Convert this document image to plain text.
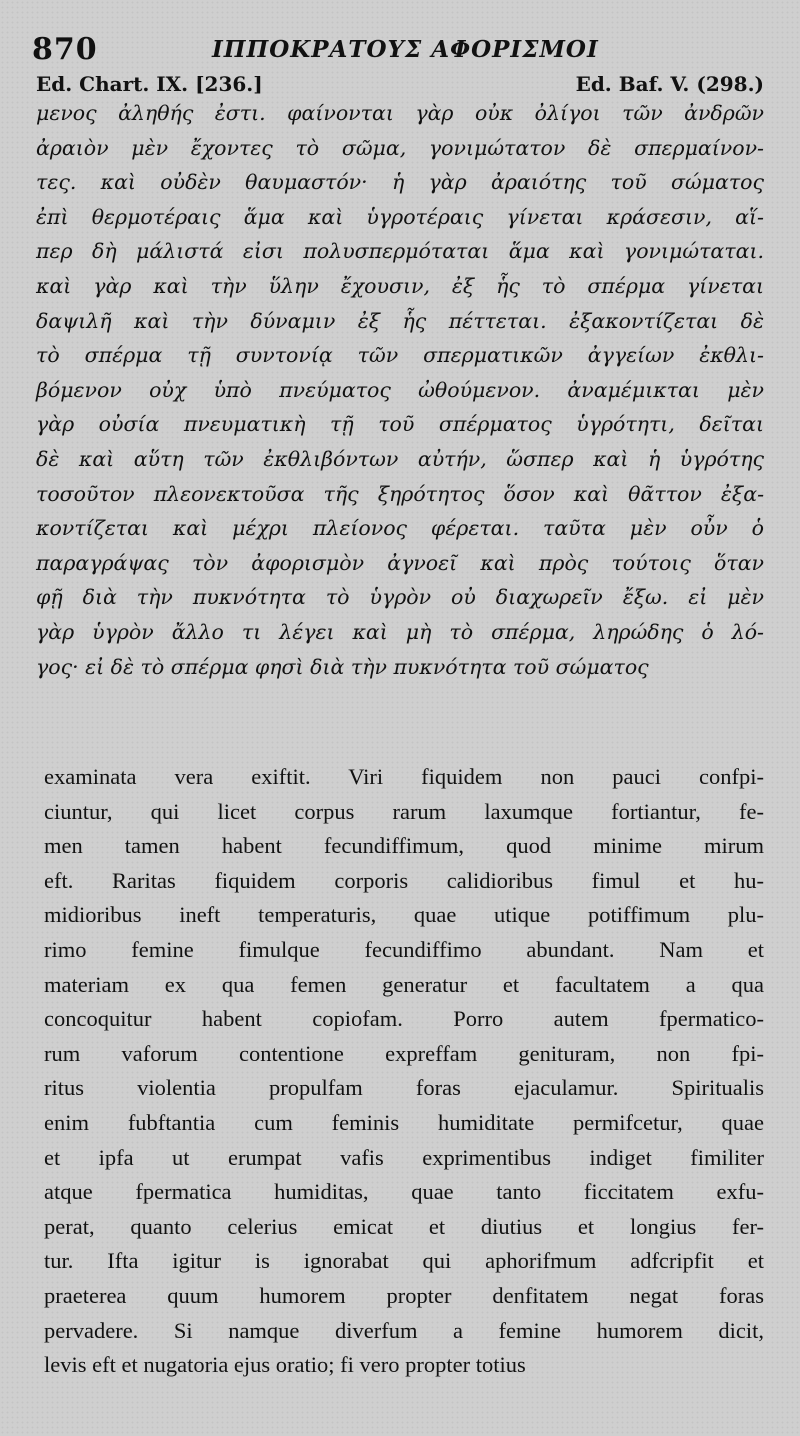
870	ΙΠΠΟΚΡΑΤΟΥΣ ΑΦΟΡΙΣΜΟΙ
Ed. Chart. IX. [236.]	Ed. Baf. V. (298.)
μενος ἀληθής ἐστι. φαίνονται γὰρ οὐκ ὀλίγοι τῶν ἀνδρῶν
ἀραιὸν μὲν ἔχοντες τὸ σῶμα, γονιμώτατον δὲ σπερμαίνον-
τες. καὶ οὐδὲν θαυμαστόν· ἡ γὰρ ἀραιότης τοῦ σώματος
ἐπὶ θερμοτέραις ἅμα καὶ ὑγροτέραις γίνεται κράσεσιν, αἵ-
περ δὴ μάλιστά εἰσι πολυσπερμόταται ἅμα καὶ γονιμώταται.
καὶ γὰρ καὶ τὴν ὕλην ἔχουσιν, ἐξ ἧς τὸ σπέρμα γίνεται
δαψιλῆ καὶ τὴν δύναμιν ἐξ ἧς πέττεται. ἐξακοντίζεται δὲ
τὸ σπέρμα τῇ συντονίᾳ τῶν σπερματικῶν ἀγγείων ἐκθλι-
βόμενον οὐχ ὑπὸ πνεύματος ὠθούμενον. ἀναμέμικται μὲν
γὰρ οὐσία πνευματικὴ τῇ τοῦ σπέρματος ὑγρότητι, δεῖται
δὲ καὶ αὕτη τῶν ἐκθλιβόντων αὐτήν, ὥσπερ καὶ ἡ ὑγρότης
τοσοῦτον πλεονεκτοῦσα τῆς ξηρότητος ὅσον καὶ θᾶττον ἐξα-
κοντίζεται καὶ μέχρι πλείονος φέρεται. ταῦτα μὲν οὖν ὁ
παραγράψας τὸν ἀφορισμὸν ἀγνοεῖ καὶ πρὸς τούτοις ὅταν
φῇ διὰ τὴν πυκνότητα τὸ ὑγρὸν οὐ διαχωρεῖν ἔξω. εἰ μὲν
γὰρ ὑγρὸν ἄλλο τι λέγει καὶ μὴ τὸ σπέρμα, ληρώδης ὁ λό-
γος· εἰ δὲ τὸ σπέρμα φησὶ διὰ τὴν πυκνότητα τοῦ σώματος
examinata vera exiftit. Viri fiquidem non pauci confpi-
ciuntur, qui licet corpus rarum laxumque fortiantur, fe-
men tamen habent fecundiffimum, quod minime mirum
eft. Raritas fiquidem corporis calidioribus fimul et hu-
midioribus ineft temperaturis, quae utique potiffimum plu-
rimo femine fimulque fecundiffimo abundant. Nam et
materiam ex qua femen generatur et facultatem a qua
concoquitur habent copiofam. Porro autem fpermatico-
rum vaforum contentione expreffam genituram, non fpi-
ritus violentia propulfam foras ejaculamur. Spiritualis
enim fubftantia cum feminis humiditate permifcetur, quae
et ipfa ut erumpat vafis exprimentibus indiget fimiliter
atque fpermatica humiditas, quae tanto ficcitatem exfu-
perat, quanto celerius emicat et diutius et longius fer-
tur. Ifta igitur is ignorabat qui aphorifmum adfcripfit et
praeterea quum humorem propter denfitatem negat foras
pervadere. Si namque diverfum a femine humorem dicit,
levis eft et nugatoria ejus oratio; fi vero propter totius
